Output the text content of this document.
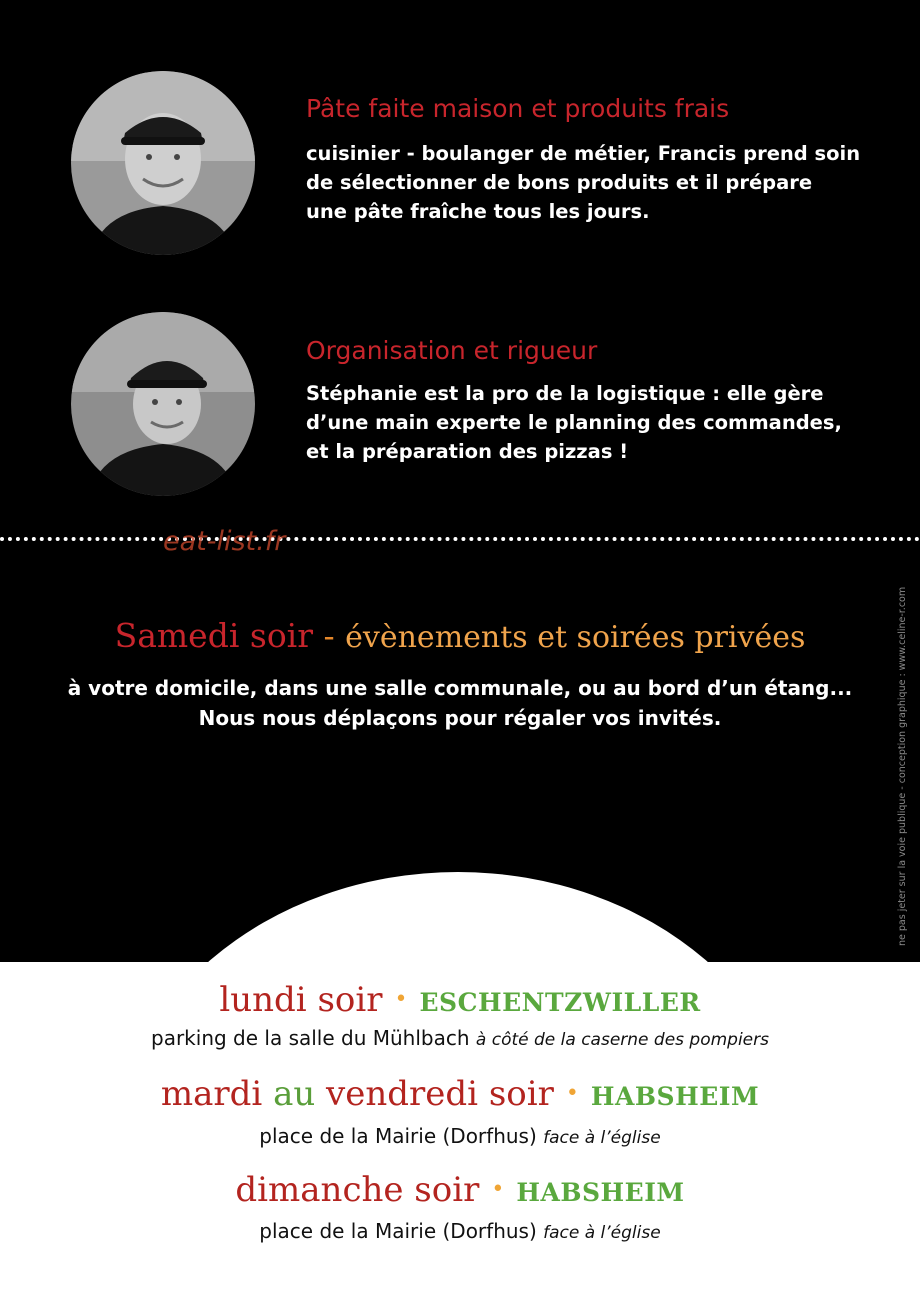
Pâte faite maison et produits frais
cuisinier - boulanger de métier, Francis prend soin
de sélectionner de bons produits et il prépare
une pâte fraîche tous les jours.
Organisation et rigueur
Stéphanie est la pro de la logistique : elle gère
d’une main experte le planning des commandes,
et la préparation des pizzas !
eat-list.fr
ne pas jeter sur la voie publique - conception graphique : www.celine-r.com
Samedi soir - évènements et soirées privées
à votre domicile, dans une salle communale, ou au bord d’un étang...
Nous nous déplaçons pour régaler vos invités.
lundi soir • ESCHENTZWILLER
parking de la salle du Mühlbach à côté de la caserne des pompiers
mardi au vendredi soir • HABSHEIM
place de la Mairie (Dorfhus) face à l’église
dimanche soir • HABSHEIM
place de la Mairie (Dorfhus) face à l’église
